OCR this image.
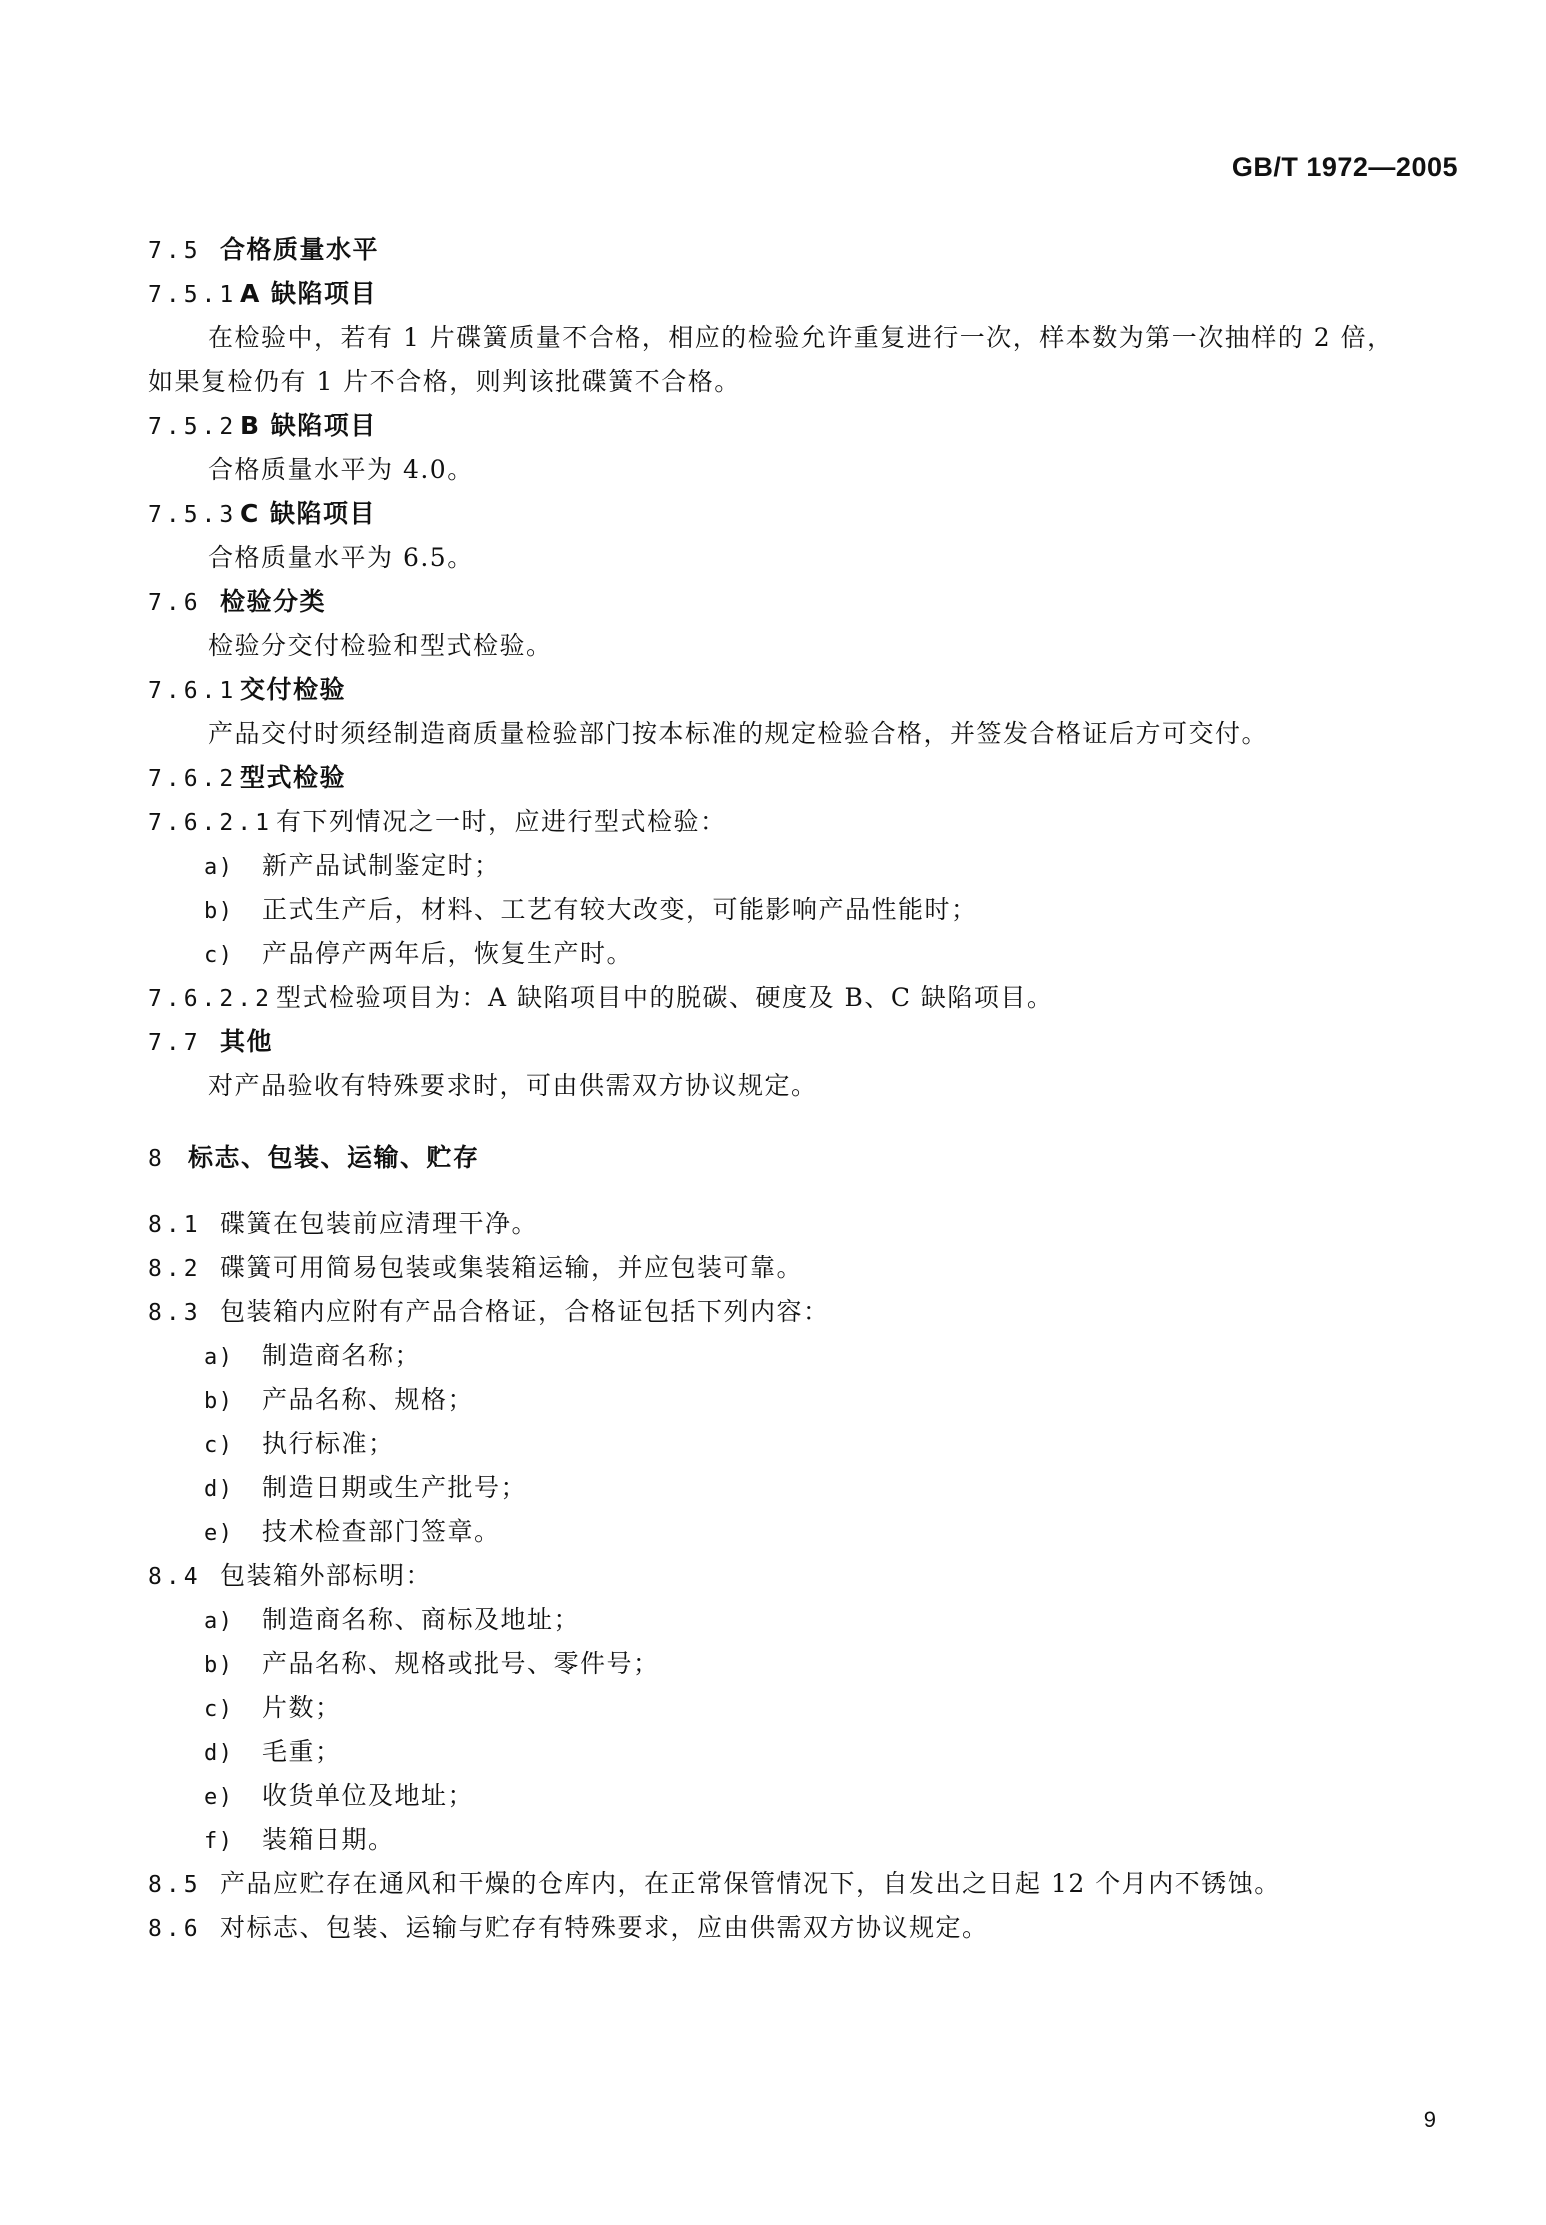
GB/T 1972—2005
7.5 合格质量水平
7.5.1 A 缺陷项目
在检验中，若有 1 片碟簧质量不合格，相应的检验允许重复进行一次，样本数为第一次抽样的 2 倍，
如果复检仍有 1 片不合格，则判该批碟簧不合格。
7.5.2 B 缺陷项目
合格质量水平为 4.0。
7.5.3 C 缺陷项目
合格质量水平为 6.5。
7.6 检验分类
检验分交付检验和型式检验。
7.6.1 交付检验
产品交付时须经制造商质量检验部门按本标准的规定检验合格，并签发合格证后方可交付。
7.6.2 型式检验
7.6.2.1 有下列情况之一时，应进行型式检验：
a) 新产品试制鉴定时；
b) 正式生产后，材料、工艺有较大改变，可能影响产品性能时；
c) 产品停产两年后，恢复生产时。
7.6.2.2 型式检验项目为：A 缺陷项目中的脱碳、硬度及 B、C 缺陷项目。
7.7 其他
对产品验收有特殊要求时，可由供需双方协议规定。
8 标志、包装、运输、贮存
8.1 碟簧在包装前应清理干净。
8.2 碟簧可用简易包装或集装箱运输，并应包装可靠。
8.3 包装箱内应附有产品合格证，合格证包括下列内容：
a) 制造商名称；
b) 产品名称、规格；
c) 执行标准；
d) 制造日期或生产批号；
e) 技术检查部门签章。
8.4 包装箱外部标明：
a) 制造商名称、商标及地址；
b) 产品名称、规格或批号、零件号；
c) 片数；
d) 毛重；
e) 收货单位及地址；
f) 装箱日期。
8.5 产品应贮存在通风和干燥的仓库内，在正常保管情况下，自发出之日起 12 个月内不锈蚀。
8.6 对标志、包装、运输与贮存有特殊要求，应由供需双方协议规定。
9
